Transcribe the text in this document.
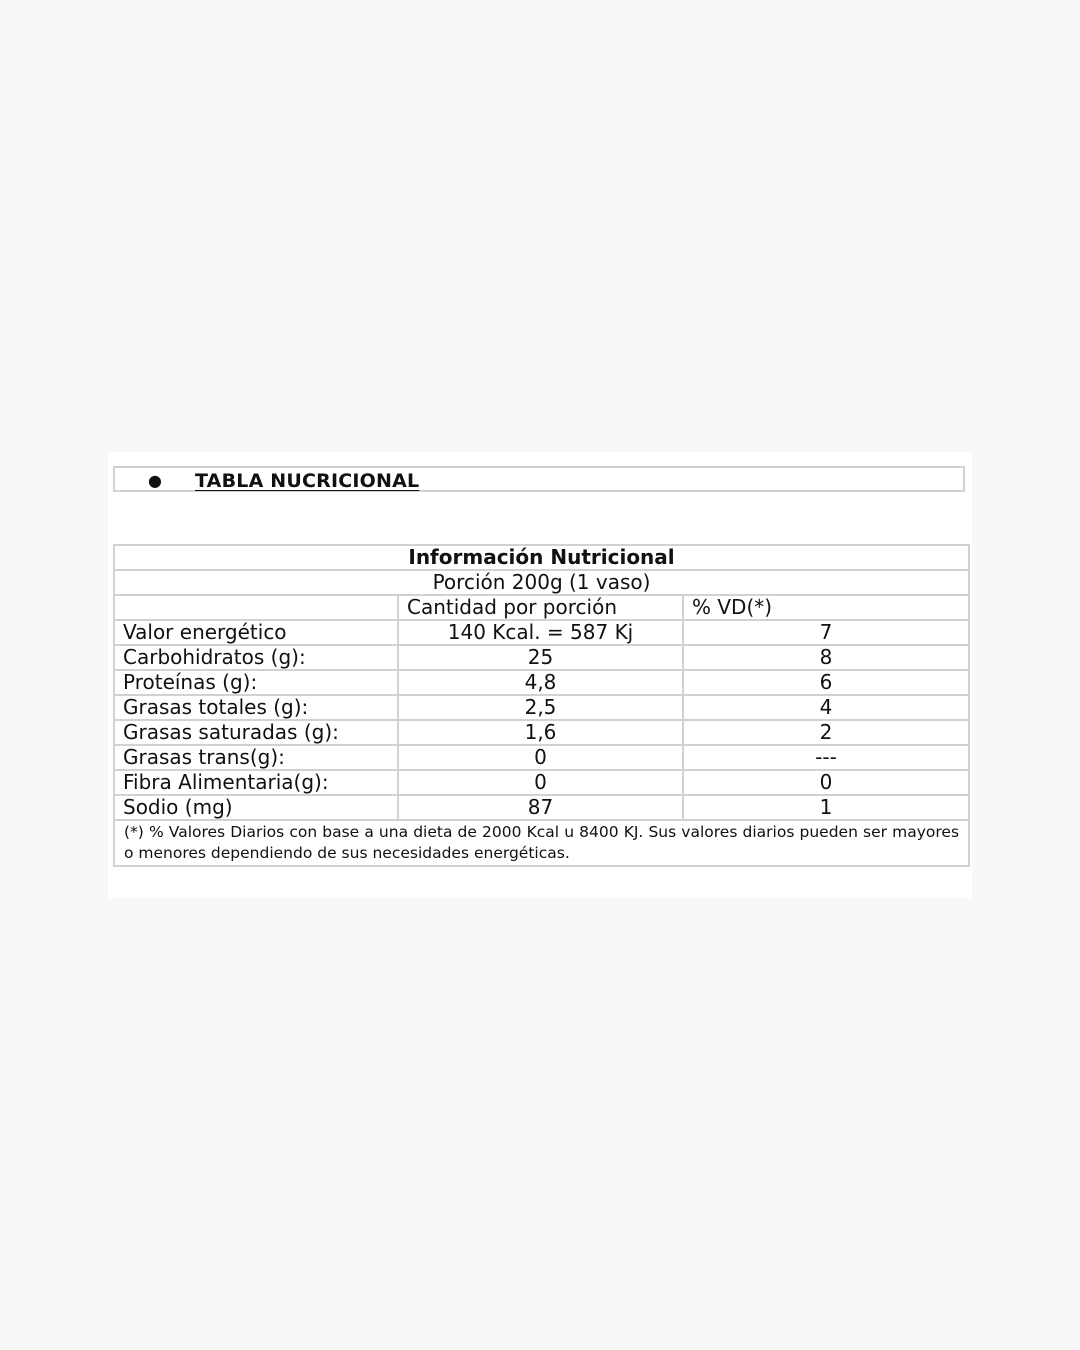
● TABLA NUCRICIONAL
Información Nutricional		
Porción 200g (1 vaso)		
	Cantidad por porción	% VD(*)
Valor energético	140 Kcal. = 587 Kj	7
Carbohidratos (g):	25	8
Proteínas (g):	4,8	6
Grasas totales (g):	2,5	4
Grasas saturadas (g):	1,6	2
Grasas trans(g):	0	---
Fibra Alimentaria(g):	0	0
Sodio (mg)	87	1
(*) % Valores Diarios con base a una dieta de 2000 Kcal u 8400 KJ. Sus valores diarios pueden ser mayores o menores dependiendo de sus necesidades energéticas.		
